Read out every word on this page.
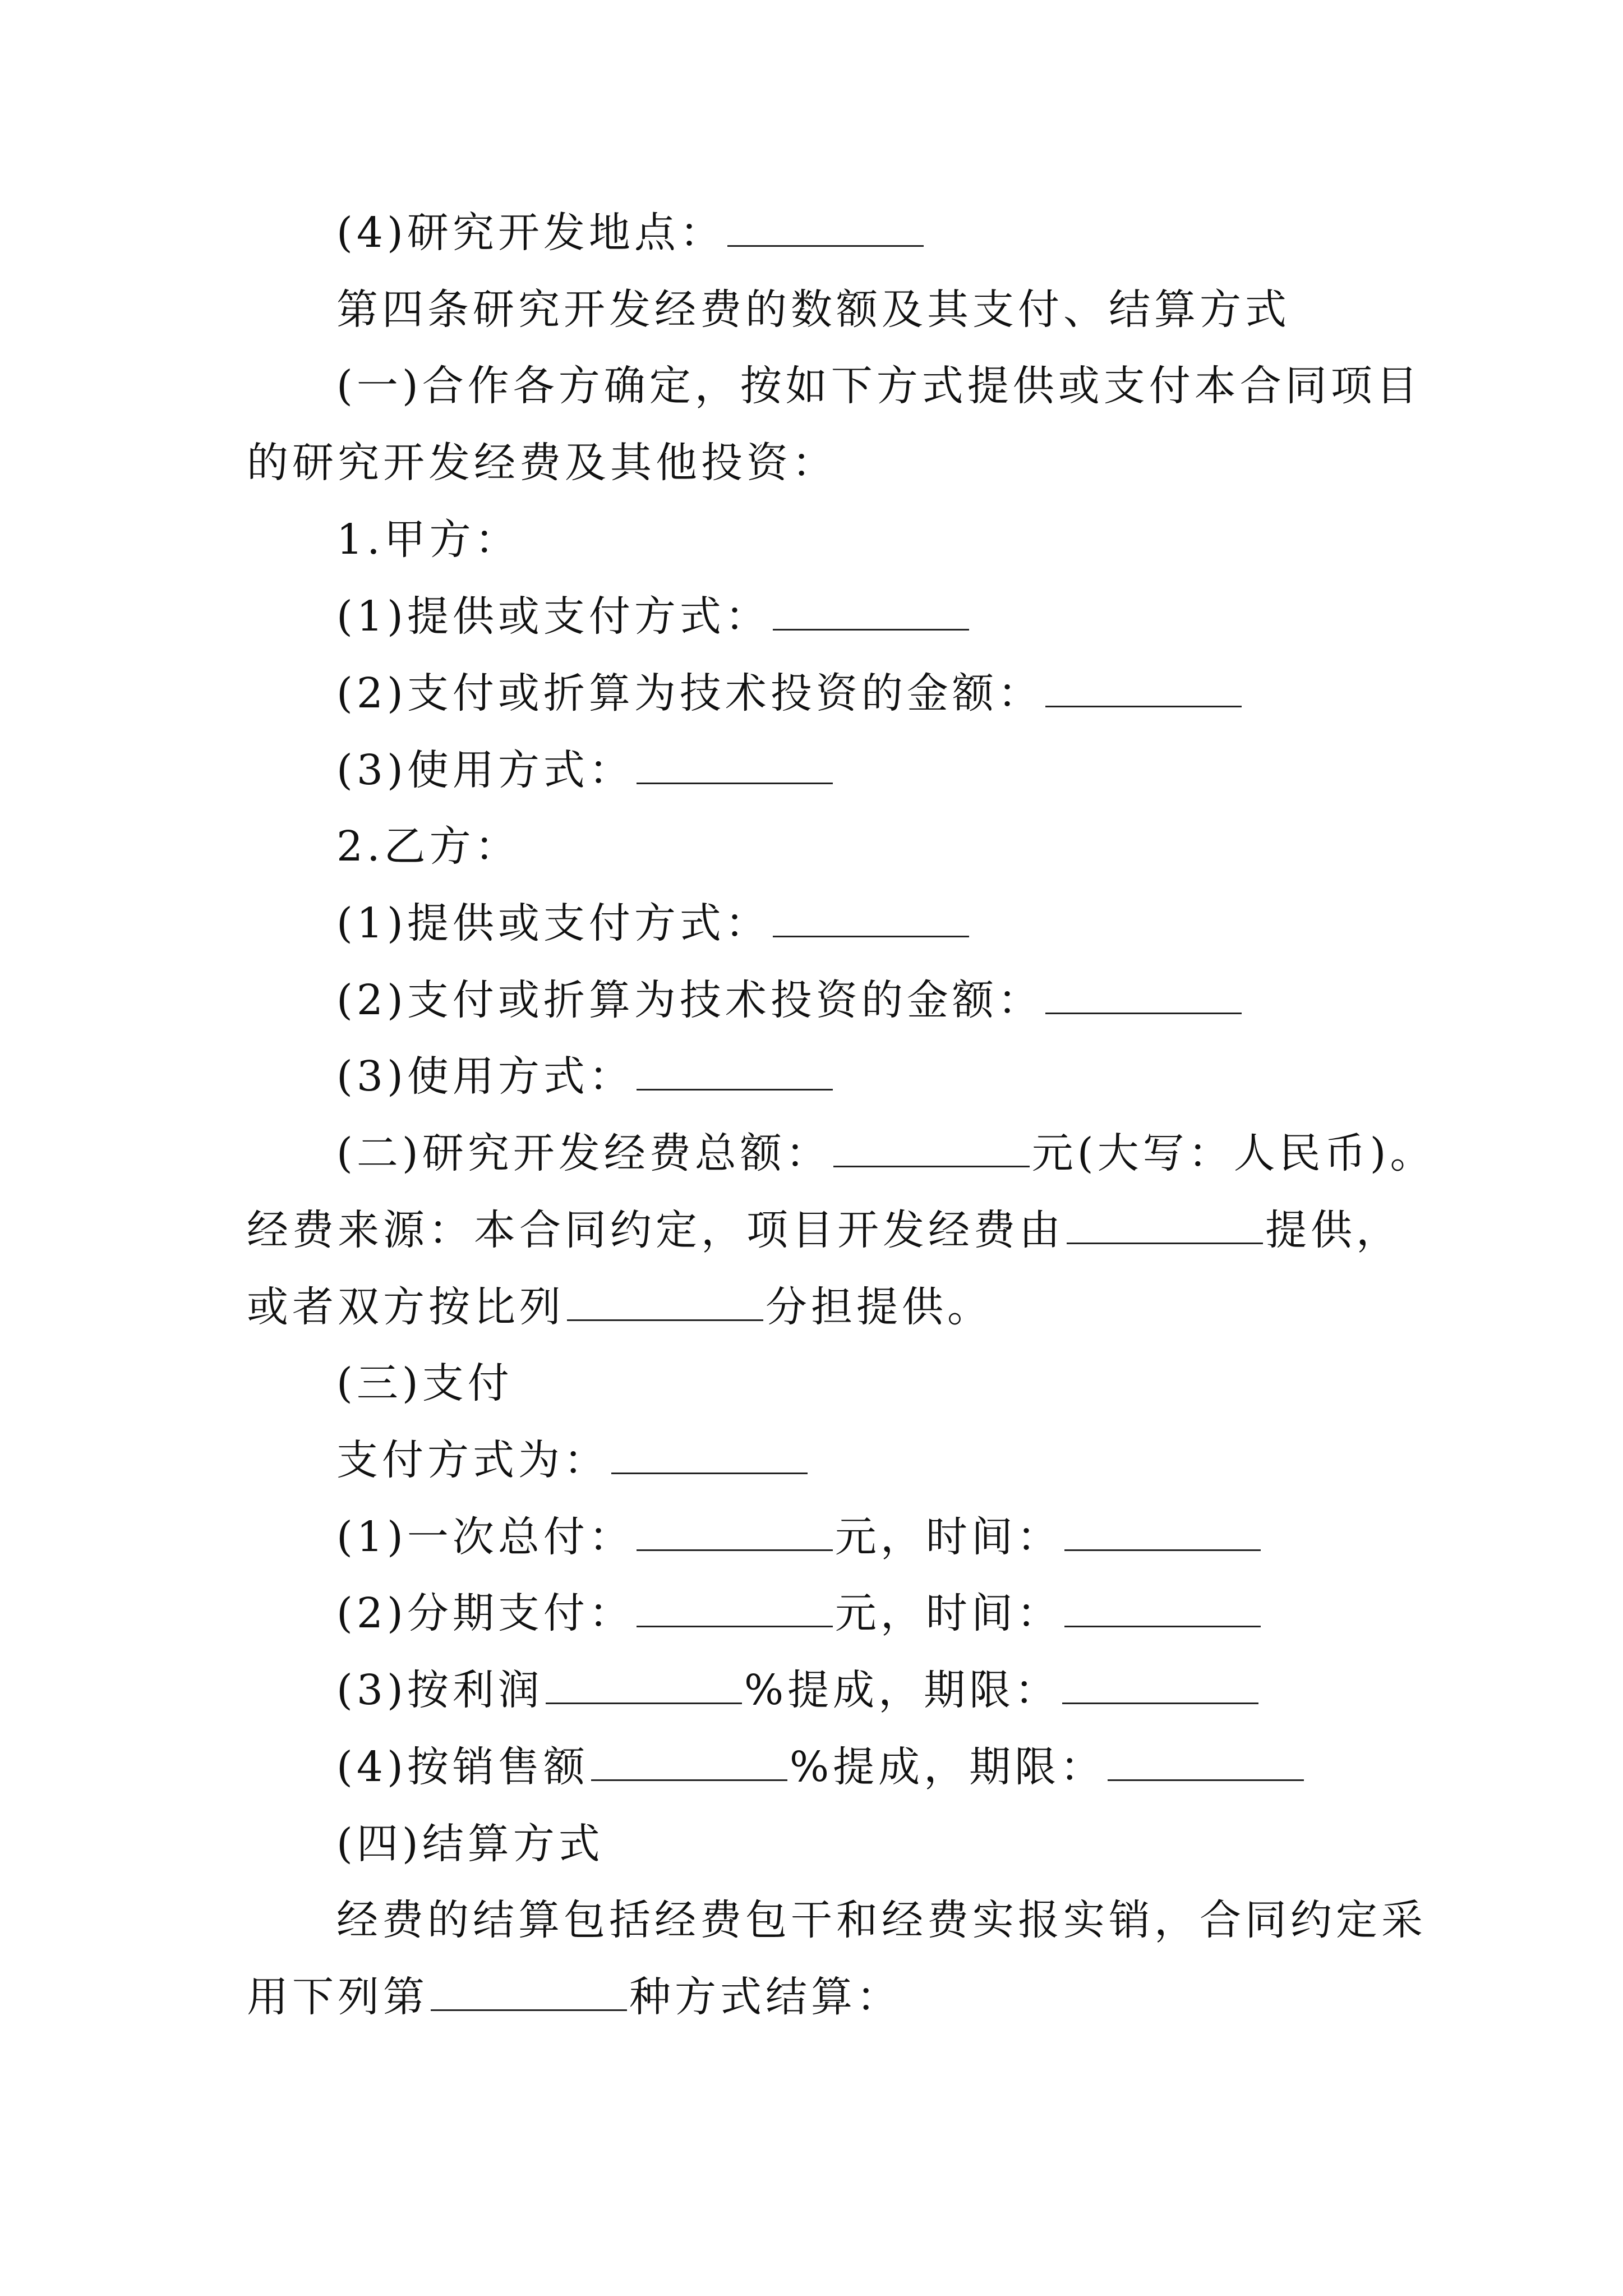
(4)研究开发地点：
第四条研究开发经费的数额及其支付、结算方式
(一)合作各方确定，按如下方式提供或支付本合同项目
的研究开发经费及其他投资：
1.甲方：
(1)提供或支付方式：
(2)支付或折算为技术投资的金额：
(3)使用方式：
2.乙方：
(1)提供或支付方式：
(2)支付或折算为技术投资的金额：
(3)使用方式：
(二)研究开发经费总额：	元(大写：人民币)。
经费来源：本合同约定，项目开发经费由	提供，
或者双方按比列	分担提供。
(三)支付
支付方式为：
(1)一次总付：	元，时间：
(2)分期支付：	元，时间：
(3)按利润	%提成，期限：
(4)按销售额	%提成，期限：
(四)结算方式
经费的结算包括经费包干和经费实报实销，合同约定采
用下列第	种方式结算：
